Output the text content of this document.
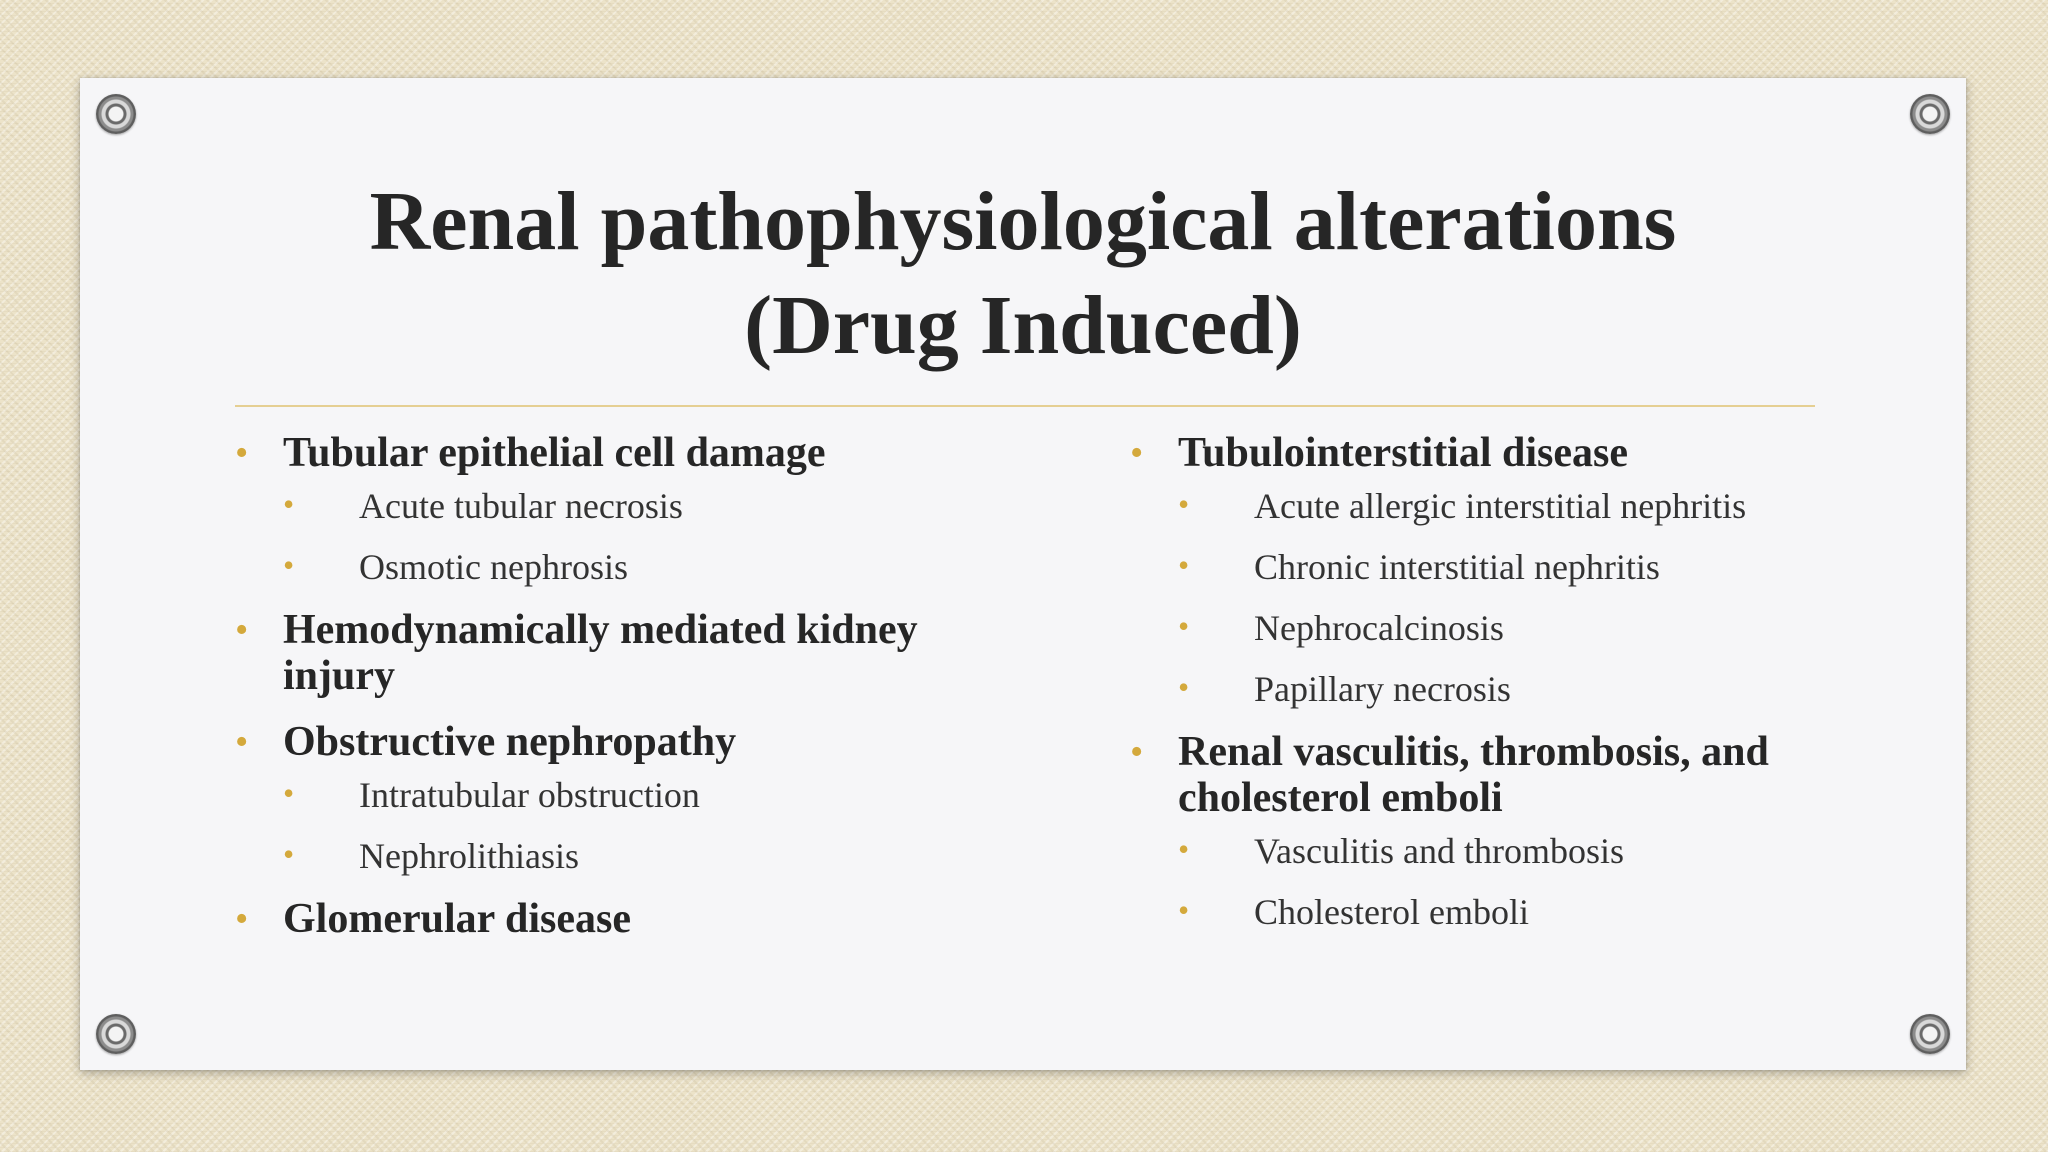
Renal pathophysiological alterations
(Drug Induced)
• Tubular epithelial cell damage
• Acute tubular necrosis
• Osmotic nephrosis
• Hemodynamically mediated kidney injury
• Obstructive nephropathy
• Intratubular obstruction
• Nephrolithiasis
• Glomerular disease
• Tubulointerstitial disease
• Acute allergic interstitial nephritis
• Chronic interstitial nephritis
• Nephrocalcinosis
• Papillary necrosis
• Renal vasculitis, thrombosis, and cholesterol emboli
• Vasculitis and thrombosis
• Cholesterol emboli
